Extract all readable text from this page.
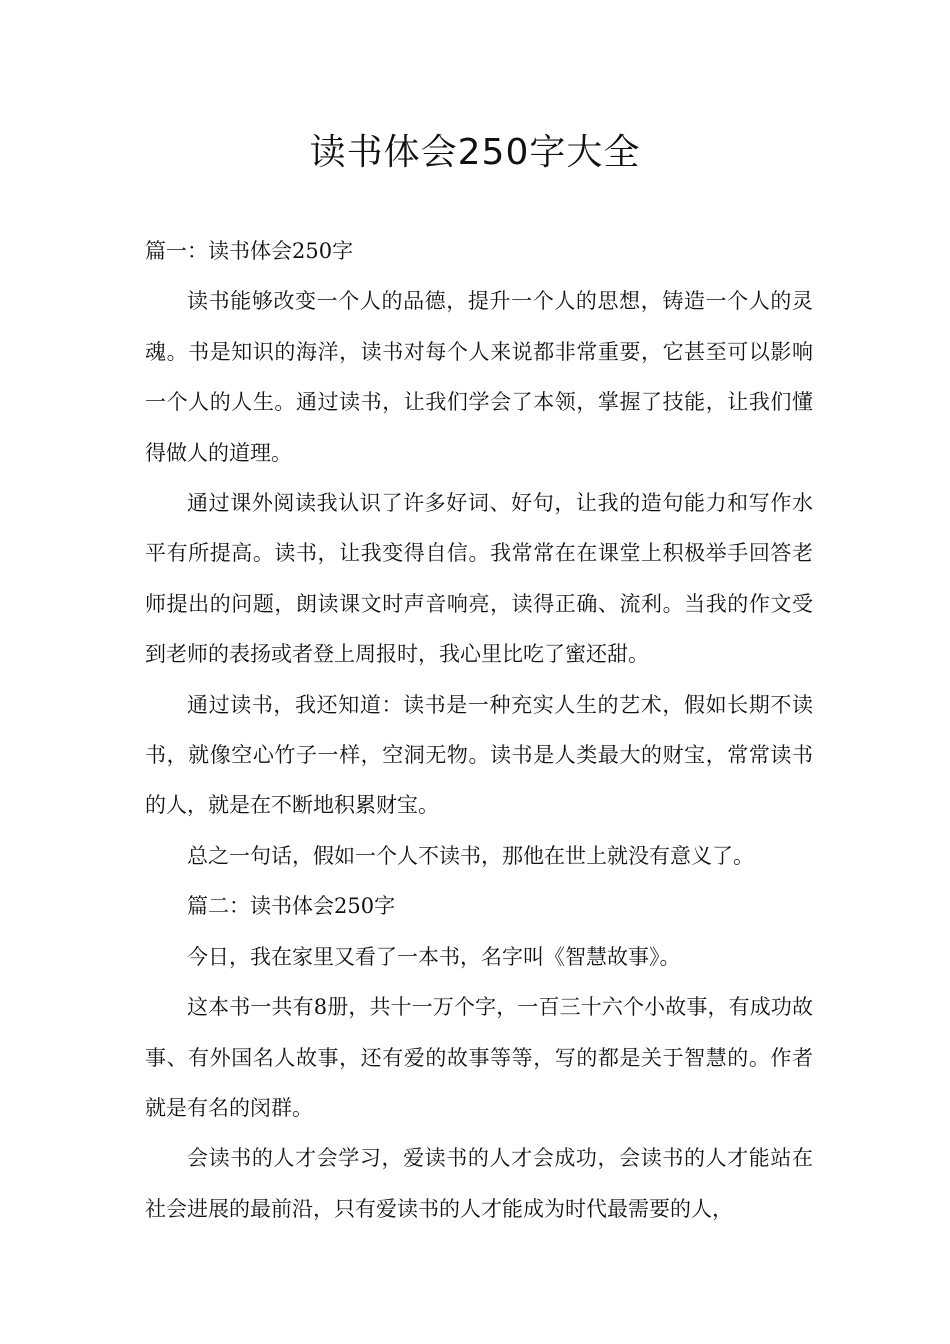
读书体会250字大全

篇一：读书体会250字

读书能够改变一个人的品德，提升一个人的思想，铸造一个人的灵魂。书是知识的海洋，读书对每个人来说都非常重要，它甚至可以影响一个人的人生。通过读书，让我们学会了本领，掌握了技能，让我们懂得做人的道理。

通过课外阅读我认识了许多好词、好句，让我的造句能力和写作水平有所提高。读书，让我变得自信。我常常在在课堂上积极举手回答老师提出的问题，朗读课文时声音响亮，读得正确、流利。当我的作文受到老师的表扬或者登上周报时，我心里比吃了蜜还甜。

通过读书，我还知道：读书是一种充实人生的艺术，假如长期不读书，就像空心竹子一样，空洞无物。读书是人类最大的财宝，常常读书的人，就是在不断地积累财宝。

总之一句话，假如一个人不读书，那他在世上就没有意义了。

篇二：读书体会250字

今日，我在家里又看了一本书，名字叫《智慧故事》。

这本书一共有8册，共十一万个字，一百三十六个小故事，有成功故事、有外国名人故事，还有爱的故事等等，写的都是关于智慧的。作者就是有名的闵群。

会读书的人才会学习，爱读书的人才会成功，会读书的人才能站在社会进展的最前沿，只有爱读书的人才能成为时代最需要的人，
